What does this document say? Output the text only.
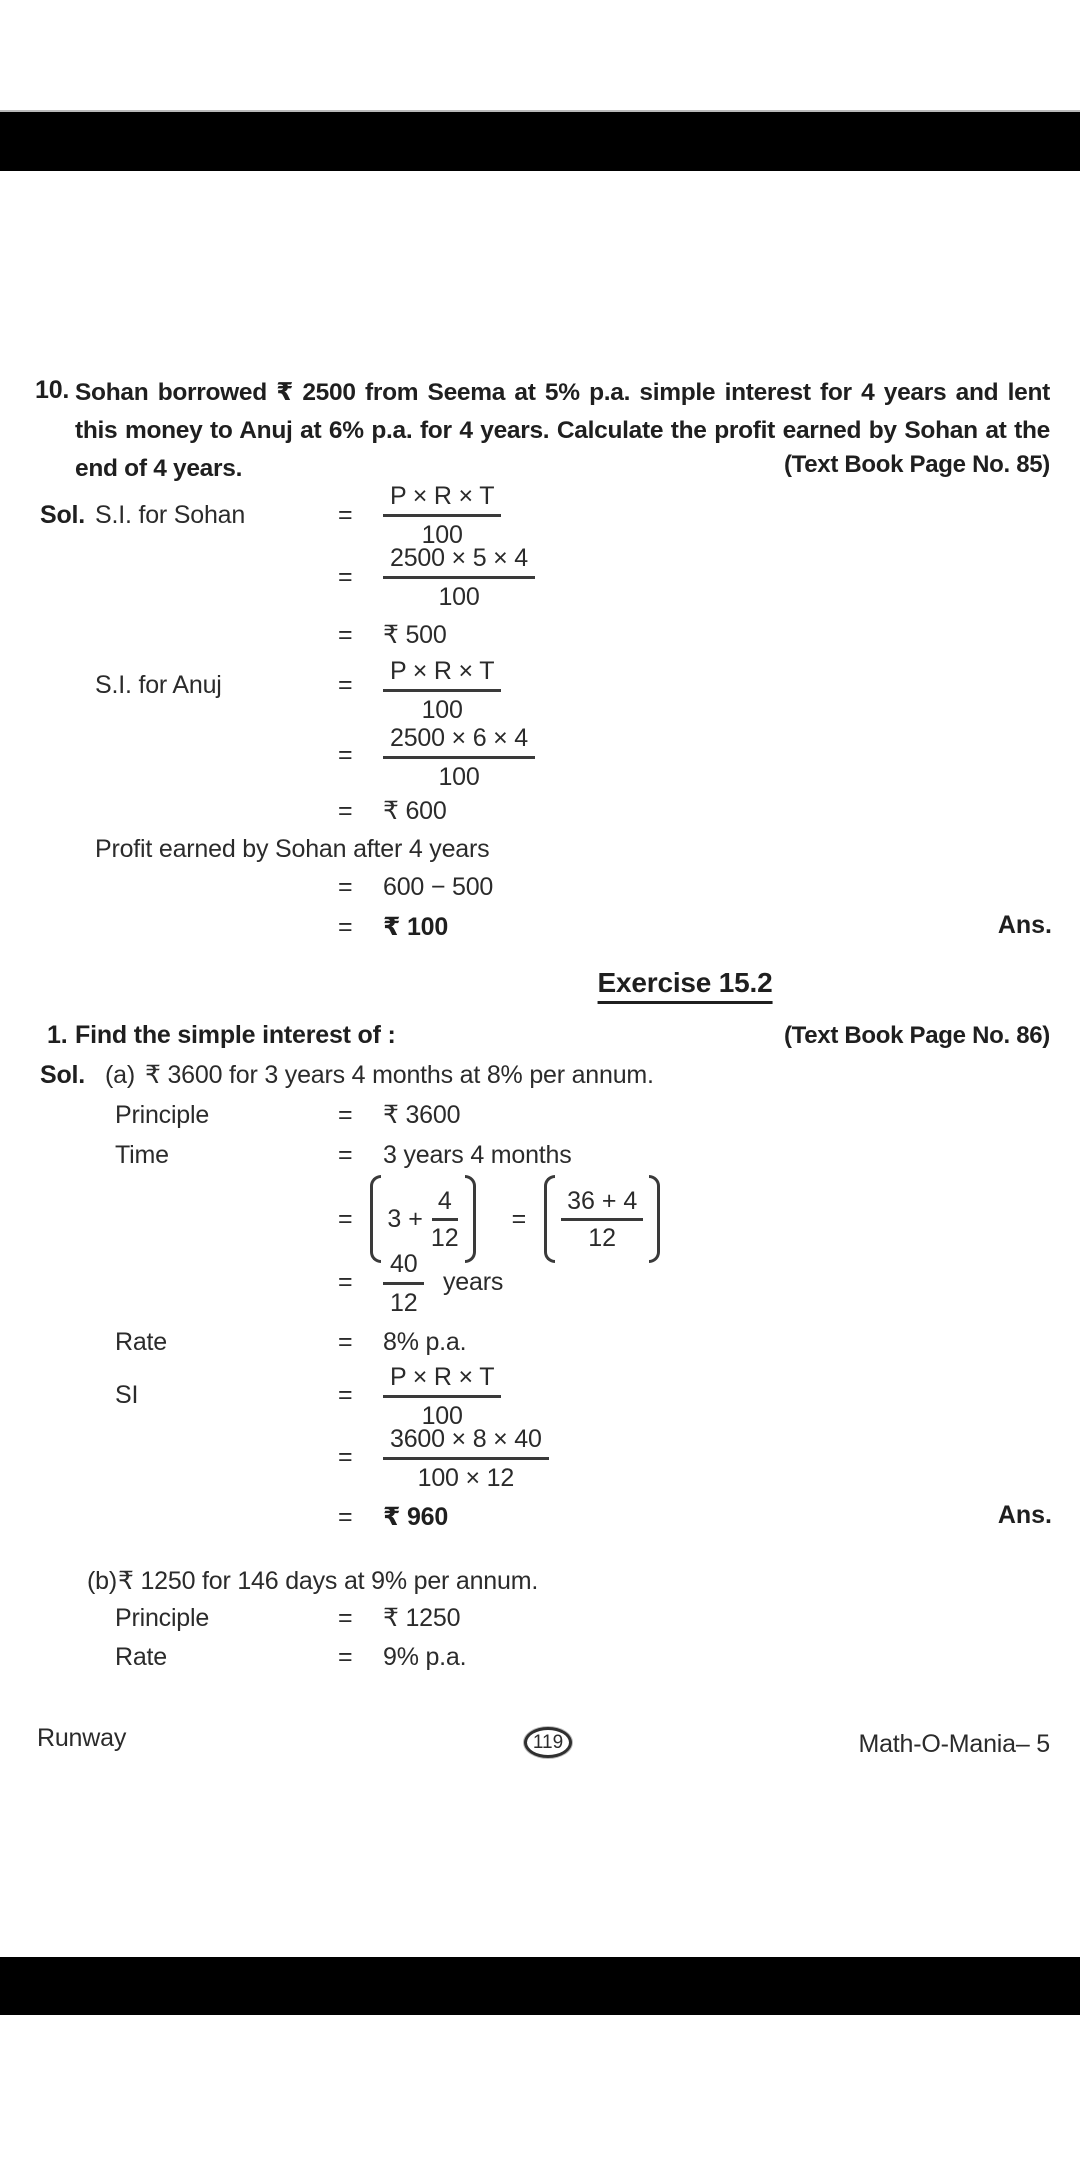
10. Sohan borrowed ₹ 2500 from Seema at 5% p.a. simple interest for 4 years and lent this money to Anuj at 6% p.a. for 4 years. Calculate the profit earned by Sohan at the end of 4 years.	(Text Book Page No. 85)
Sol. S.I. for Sohan	= $\frac{P \times R \times T}{100}$
= $\frac{2500 \times 5 \times 4}{100}$
= ₹ 500
S.I. for Anuj	= $\frac{P \times R \times T}{100}$
= $\frac{2500 \times 6 \times 4}{100}$
= ₹ 600
Profit earned by Sohan after 4 years
= 600 − 500
= ₹ 100	Ans.
Exercise 15.2
1. Find the simple interest of :	(Text Book Page No. 86)
Sol. (a) ₹ 3600 for 3 years 4 months at 8% per annum.
Principle	= ₹ 3600
Time	= 3 years 4 months
= $3 + \frac{4}{12} = \frac{36 + 4}{12}$
= $\frac{40}{12}$ years
Rate	= 8% p.a.
SI	= $\frac{P \times R \times T}{100}$
= $\frac{3600 \times 8 \times 40}{100 \times 12}$
= ₹ 960	Ans.
(b) ₹ 1250 for 146 days at 9% per annum.
Principle	= ₹ 1250
Rate	= 9% p.a.
Runway	119	Math-O-Mania– 5
